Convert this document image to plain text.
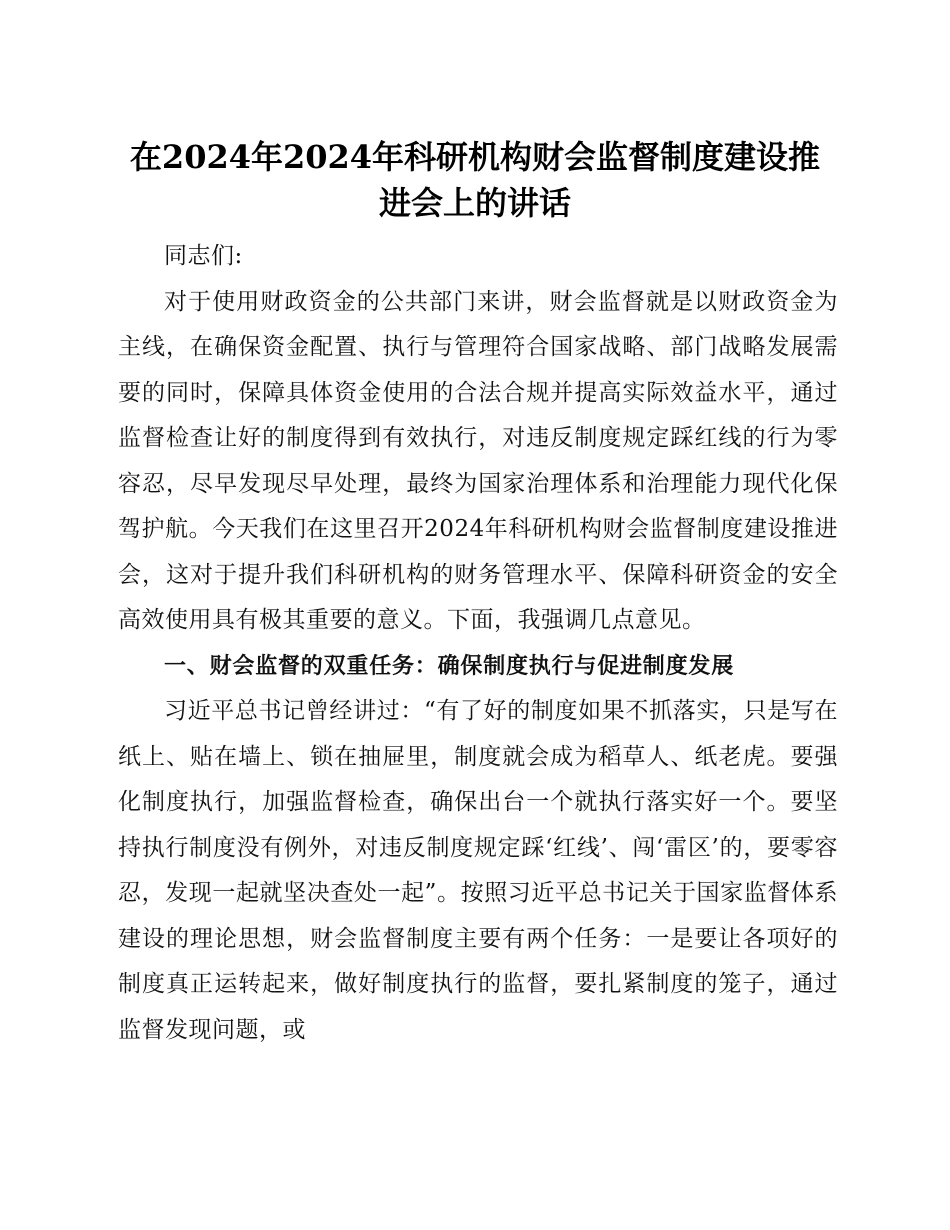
在2024年2024年科研机构财会监督制度建设推
进会上的讲话

同志们:

对于使用财政资金的公共部门来讲，财会监督就是以财政资金为主线，在确保资金配置、执行与管理符合国家战略、部门战略发展需要的同时，保障具体资金使用的合法合规并提高实际效益水平，通过监督检查让好的制度得到有效执行，对违反制度规定踩红线的行为零容忍，尽早发现尽早处理，最终为国家治理体系和治理能力现代化保驾护航。今天我们在这里召开2024年科研机构财会监督制度建设推进会，这对于提升我们科研机构的财务管理水平、保障科研资金的安全高效使用具有极其重要的意义。下面，我强调几点意见。

一、财会监督的双重任务：确保制度执行与促进制度发展

习近平总书记曾经讲过：“有了好的制度如果不抓落实，只是写在纸上、贴在墙上、锁在抽屉里，制度就会成为稻草人、纸老虎。要强化制度执行，加强监督检查，确保出台一个就执行落实好一个。要坚持执行制度没有例外，对违反制度规定踩‘红线’、闯‘雷区’的，要零容忍，发现一起就坚决查处一起”。按照习近平总书记关于国家监督体系建设的理论思想，财会监督制度主要有两个任务：一是要让各项好的制度真正运转起来，做好制度执行的监督，要扎紧制度的笼子，通过监督发现问题，或
